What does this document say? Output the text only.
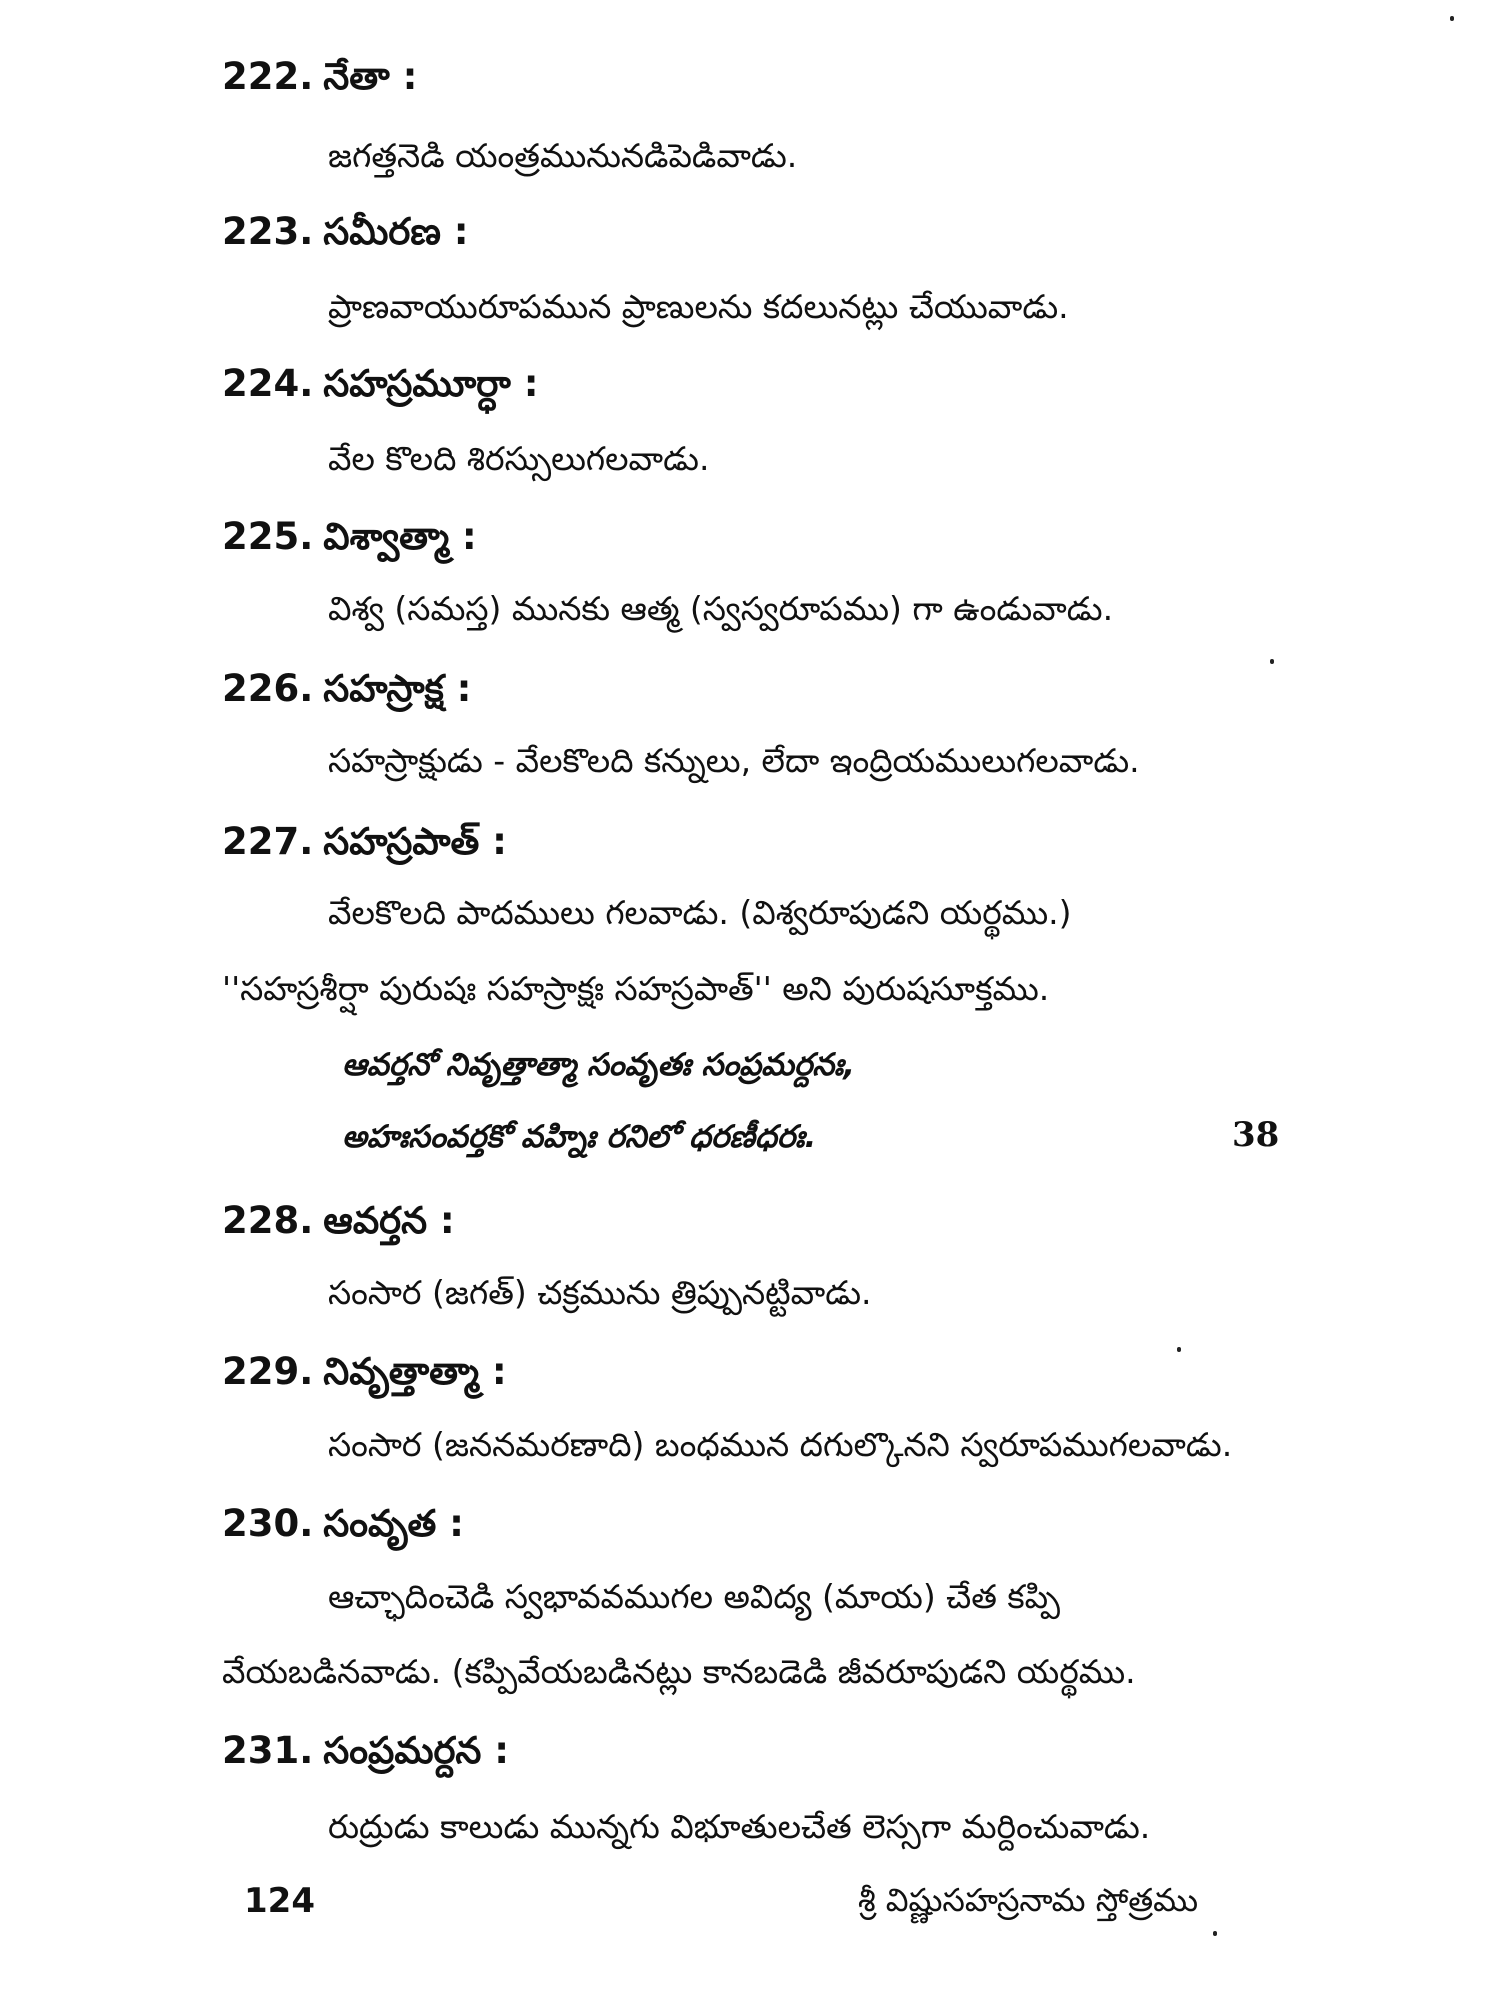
222. నేతా :
జగత్తనెడి యంత్రమునునడిపెడివాడు.
223. సమీరణ :
ప్రాణవాయురూపమున ప్రాణులను కదలునట్లు చేయువాడు.
224. సహస్రమూర్ధా :
వేల కొలది శిరస్సులుగలవాడు.
225. విశ్వాత్మా :
విశ్వ (సమస్త) మునకు ఆత్మ (స్వస్వరూపము) గా ఉండువాడు.
226. సహస్రాక్ష :
సహస్రాక్షుడు - వేలకొలది కన్నులు, లేదా ఇంద్రియములుగలవాడు.
227. సహస్రపాత్ :
వేలకొలది పాదములు గలవాడు. (విశ్వరూపుడని యర్థము.)
''సహస్రశీర్షా పురుషః సహస్రాక్షః సహస్రపాత్'' అని పురుషసూక్తము.
ఆవర్తనో నివృత్తాత్మా సంవృతః సంప్రమర్దనః,
అహఃసంవర్తకో వహ్నిః రనిలో ధరణీధరః.	38
228. ఆవర్తన :
సంసార (జగత్) చక్రమును త్రిప్పునట్టివాడు.
229. నివృత్తాత్మా :
సంసార (జననమరణాది) బంధమున దగుల్కొనని స్వరూపముగలవాడు.
230. సంవృత :
ఆచ్ఛాదించెడి స్వభావవముగల అవిద్య (మాయ) చేత కప్పి
వేయబడినవాడు. (కప్పివేయబడినట్లు కానబడెడి జీవరూపుడని యర్థము.
231. సంప్రమర్దన :
రుద్రుడు కాలుడు మున్నగు విభూతులచేత లెస్సగా మర్దించువాడు.
124	శ్రీ విష్ణుసహస్రనామ స్తోత్రము
